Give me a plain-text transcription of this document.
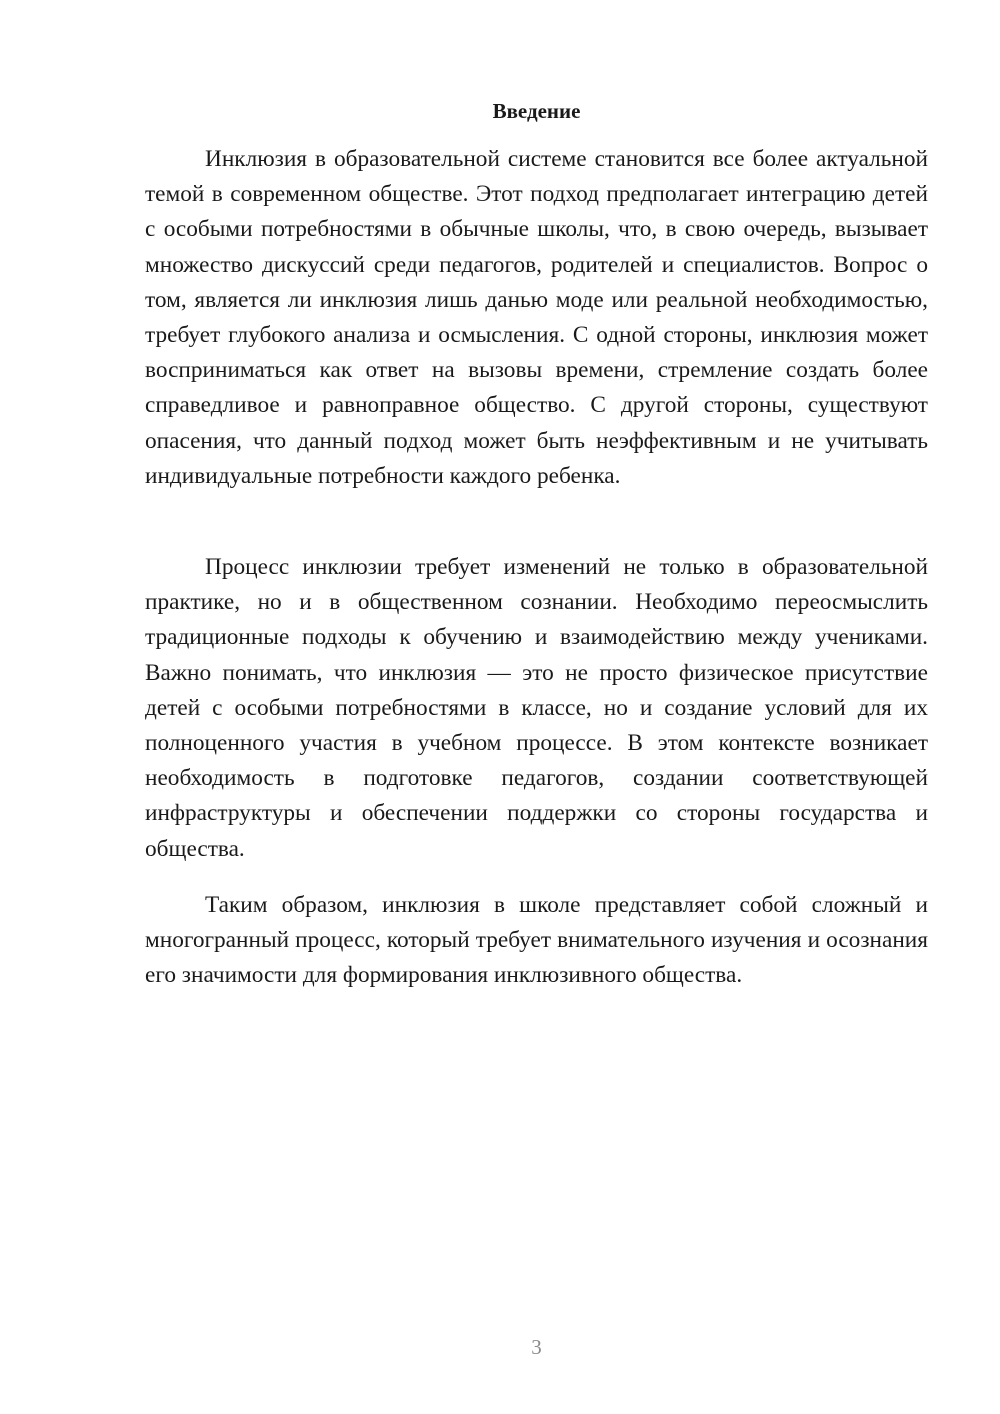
Введение

Инклюзия в образовательной системе становится все более актуальной темой в современном обществе. Этот подход предполагает интеграцию детей с особыми потребностями в обычные школы, что, в свою очередь, вызывает множество дискуссий среди педагогов, родителей и специалистов. Вопрос о том, является ли инклюзия лишь данью моде или реальной необходимостью, требует глубокого анализа и осмысления. С одной стороны, инклюзия может восприниматься как ответ на вызовы времени, стремление создать более справедливое и равноправное общество. С другой стороны, существуют опасения, что данный подход может быть неэффективным и не учитывать индивидуальные потребности каждого ребенка.

Процесс инклюзии требует изменений не только в образовательной практике, но и в общественном сознании. Необходимо переосмыслить традиционные подходы к обучению и взаимодействию между учениками. Важно понимать, что инклюзия — это не просто физическое присутствие детей с особыми потребностями в классе, но и создание условий для их полноценного участия в учебном процессе. В этом контексте возникает необходимость в подготовке педагогов, создании соответствующей инфраструктуры и обеспечении поддержки со стороны государства и общества.

Таким образом, инклюзия в школе представляет собой сложный и многогранный процесс, который требует внимательного изучения и осознания его значимости для формирования инклюзивного общества.

3
